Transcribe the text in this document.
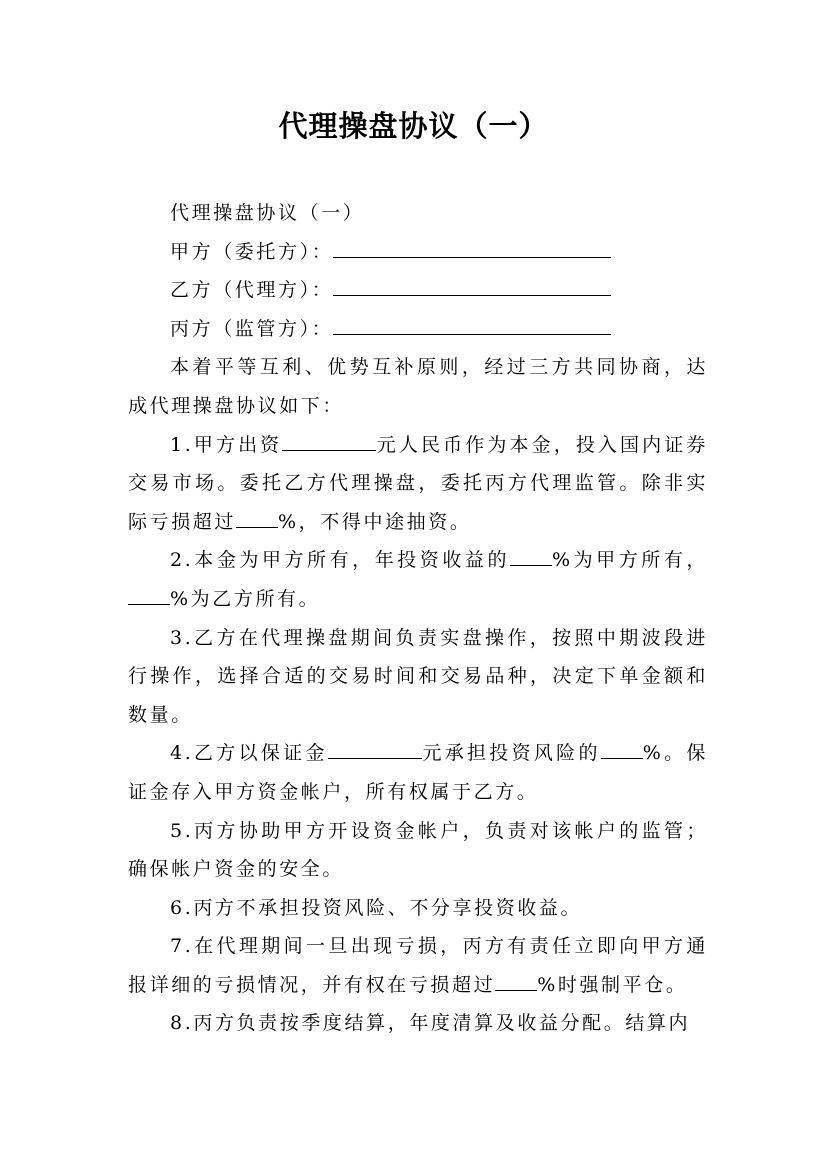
代理操盘协议（一）

代理操盘协议（一）

甲方（委托方）：

乙方（代理方）：

丙方（监管方）：

本着平等互利、优势互补原则，经过三方共同协商，达成代理操盘协议如下：

1.甲方出资	元人民币作为本金，投入国内证券交易市场。委托乙方代理操盘，委托丙方代理监管。除非实际亏损超过 %，不得中途抽资。

2.本金为甲方所有，年投资收益的 %为甲方所有，%为乙方所有。

3.乙方在代理操盘期间负责实盘操作，按照中期波段进行操作，选择合适的交易时间和交易品种，决定下单金额和数量。

4.乙方以保证金	元承担投资风险的 %。保证金存入甲方资金帐户，所有权属于乙方。

5.丙方协助甲方开设资金帐户，负责对该帐户的监管；确保帐户资金的安全。

6.丙方不承担投资风险、不分享投资收益。

7.在代理期间一旦出现亏损，丙方有责任立即向甲方通报详细的亏损情况，并有权在亏损超过 %时强制平仓。

8.丙方负责按季度结算，年度清算及收益分配。结算内
